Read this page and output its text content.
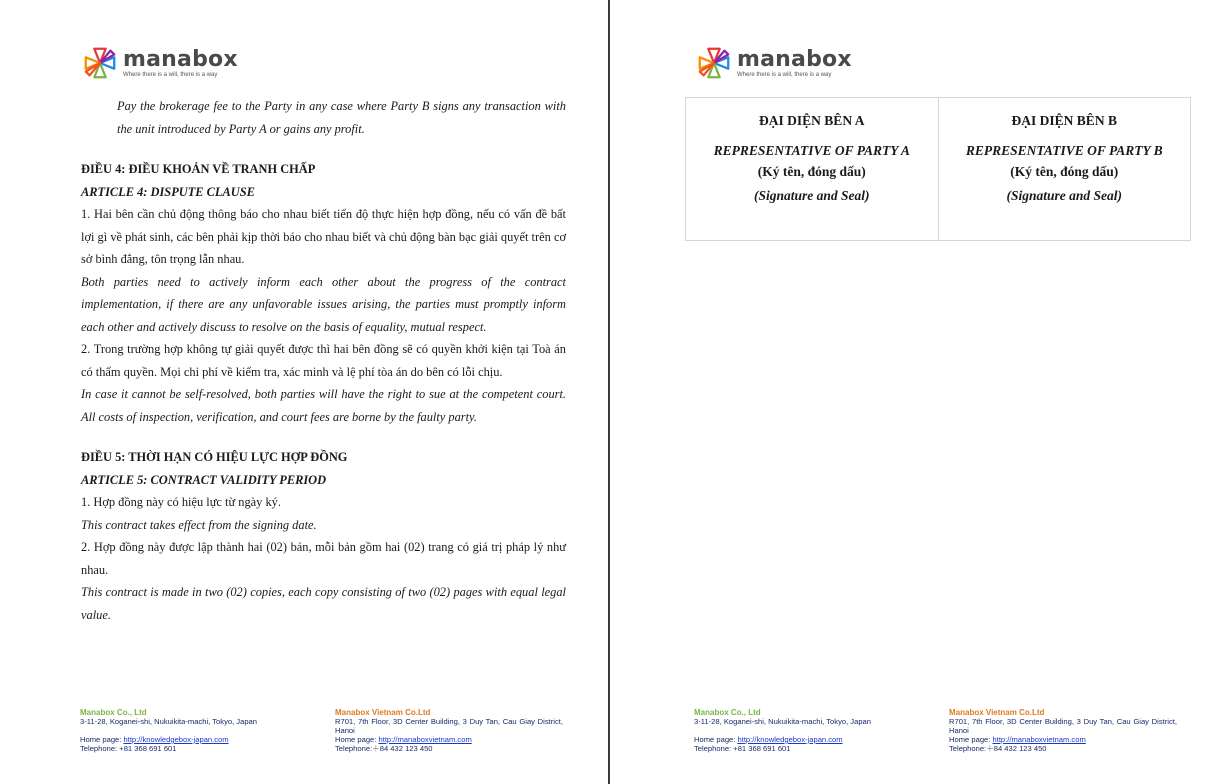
manabox
Where there is a will, there is a way

Pay the brokerage fee to the Party in any case where Party B signs any transaction with the unit introduced by Party A or gains any profit.

ĐIỀU 4: ĐIỀU KHOẢN VỀ TRANH CHẤP

ARTICLE 4: DISPUTE CLAUSE

1. Hai bên cần chủ động thông báo cho nhau biết tiến độ thực hiện hợp đồng, nếu có vấn đề bất lợi gì về phát sinh, các bên phải kịp thời báo cho nhau biết và chủ động bàn bạc giải quyết trên cơ sở bình đẳng, tôn trọng lẫn nhau.

Both parties need to actively inform each other about the progress of the contract implementation, if there are any unfavorable issues arising, the parties must promptly inform each other and actively discuss to resolve on the basis of equality, mutual respect.

2. Trong trường hợp không tự giải quyết được thì hai bên đồng sẽ có quyền khởi kiện tại Toà án có thẩm quyền. Mọi chi phí về kiểm tra, xác minh và lệ phí tòa án do bên có lỗi chịu.

In case it cannot be self-resolved, both parties will have the right to sue at the competent court. All costs of inspection, verification, and court fees are borne by the faulty party.

ĐIỀU 5: THỜI HẠN CÓ HIỆU LỰC HỢP ĐỒNG

ARTICLE 5: CONTRACT VALIDITY PERIOD

1. Hợp đồng này có hiệu lực từ ngày ký.

This contract takes effect from the signing date.

2. Hợp đồng này được lập thành hai (02) bản, mỗi bản gồm hai (02) trang có giá trị pháp lý như nhau.

This contract is made in two (02) copies, each copy consisting of two (02) pages with equal legal value.

Manabox Co., Ltd
3-11-28, Koganei-shi, Nukuikita-machi, Tokyo, Japan
Home page: http://knowledgebox-japan.com
Telephone: +81 368 691 601
Manabox Vietnam Co.Ltd
R701, 7th Floor, 3D Center Building, 3 Duy Tan, Cau Giay District, Hanoi
Home page: http://manaboxvietnam.com
Telephone:＋84 432 123 450
manabox
Where there is a will, there is a way
ĐẠI DIỆN BÊN A
REPRESENTATIVE OF PARTY A
(Ký tên, đóng dấu)
(Signature and Seal)
ĐẠI DIỆN BÊN B
REPRESENTATIVE OF PARTY B
(Ký tên, đóng dấu)
(Signature and Seal)
Manabox Co., Ltd
3-11-28, Koganei-shi, Nukuikita-machi, Tokyo, Japan
Home page: http://knowledgebox-japan.com
Telephone: +81 368 691 601
Manabox Vietnam Co.Ltd
R701, 7th Floor, 3D Center Building, 3 Duy Tan, Cau Giay District, Hanoi
Home page: http://manaboxvietnam.com
Telephone:＋84 432 123 450
